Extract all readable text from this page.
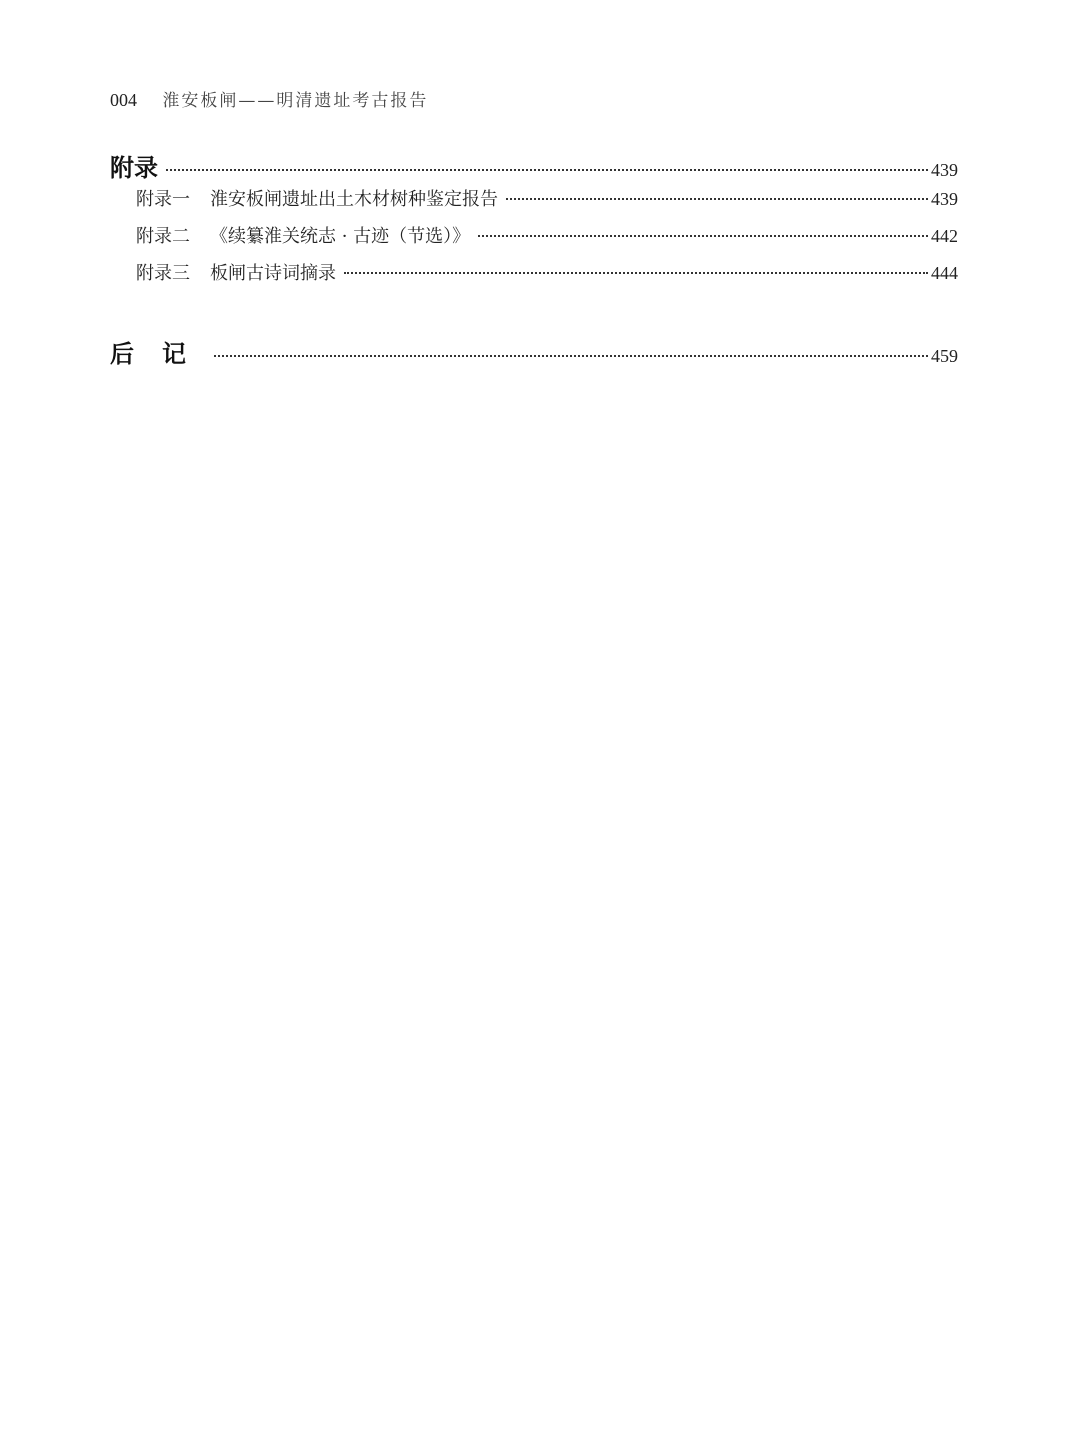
004 淮安板闸——明清遗址考古报告
附录	439
附录一 淮安板闸遗址出土木材树种鉴定报告	439
附录二 《续纂淮关统志 · 古迹（节选）》	442
附录三 板闸古诗词摘录	444
后记	459
